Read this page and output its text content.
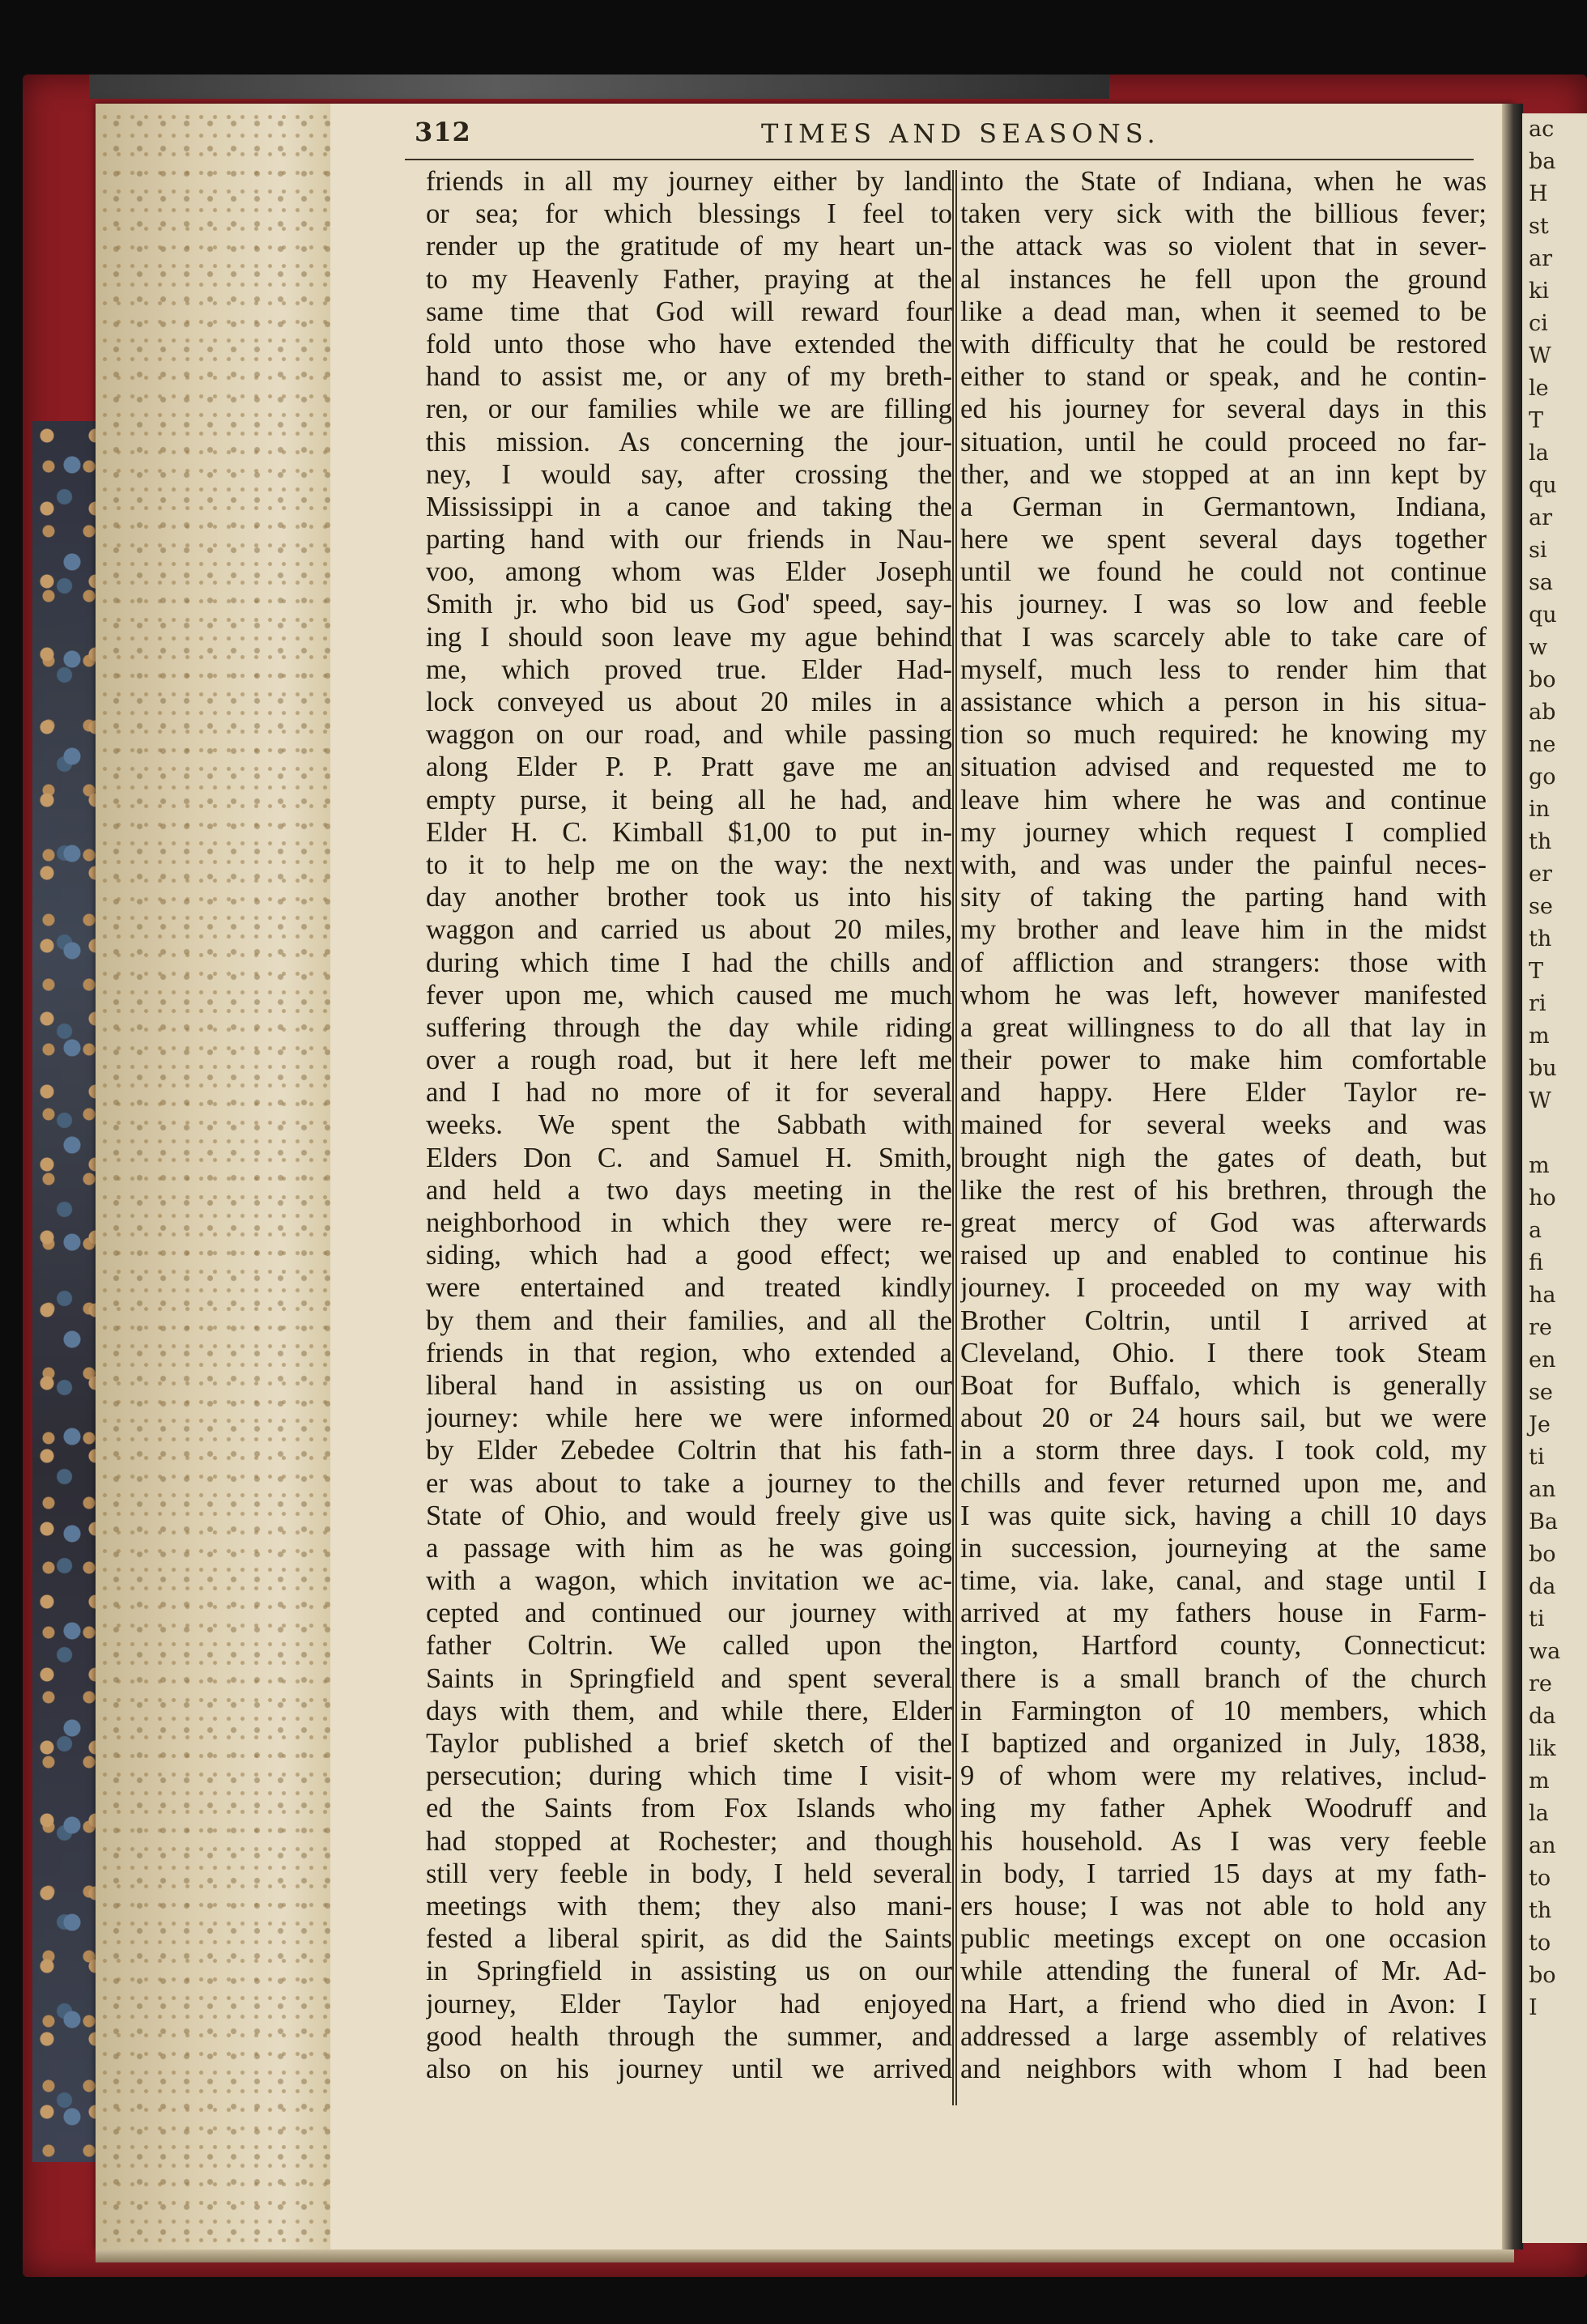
ac
ba
H
st
ar
ki
ci
W
le
T
la
qu
ar
si
sa
qu
w
bo
ab
ne
go
in
th
er
se
th
T
ri
m
bu
W
m
ho
a
fi
ha
re
en
se
Je
ti
an
Ba
bo
da
ti
wa
re
da
lik
m
la
an
to
th
to
bo
I
312	TIMES AND SEASONS.
friends in all my journey either by land
or sea; for which blessings I feel to
render up the gratitude of my heart un-
to my Heavenly Father, praying at the
same time that God will reward four
fold unto those who have extended the
hand to assist me, or any of my breth-
ren, or our families while we are filling
this mission. As concerning the jour-
ney, I would say, after crossing the
Mississippi in a canoe and taking the
parting hand with our friends in Nau-
voo, among whom was Elder Joseph
Smith jr. who bid us God' speed, say-
ing I should soon leave my ague behind
me, which proved true. Elder Had-
lock conveyed us about 20 miles in a
waggon on our road, and while passing
along Elder P. P. Pratt gave me an
empty purse, it being all he had, and
Elder H. C. Kimball $1,00 to put in-
to it to help me on the way: the next
day another brother took us into his
waggon and carried us about 20 miles,
during which time I had the chills and
fever upon me, which caused me much
suffering through the day while riding
over a rough road, but it here left me
and I had no more of it for several
weeks. We spent the Sabbath with
Elders Don C. and Samuel H. Smith,
and held a two days meeting in the
neighborhood in which they were re-
siding, which had a good effect; we
were entertained and treated kindly
by them and their families, and all the
friends in that region, who extended a
liberal hand in assisting us on our
journey: while here we were informed
by Elder Zebedee Coltrin that his fath-
er was about to take a journey to the
State of Ohio, and would freely give us
a passage with him as he was going
with a wagon, which invitation we ac-
cepted and continued our journey with
father Coltrin. We called upon the
Saints in Springfield and spent several
days with them, and while there, Elder
Taylor published a brief sketch of the
persecution; during which time I visit-
ed the Saints from Fox Islands who
had stopped at Rochester; and though
still very feeble in body, I held several
meetings with them; they also mani-
fested a liberal spirit, as did the Saints
in Springfield in assisting us on our
journey, Elder Taylor had enjoyed
good health through the summer, and
also on his journey until we arrived
into the State of Indiana, when he was
taken very sick with the billious fever;
the attack was so violent that in sever-
al instances he fell upon the ground
like a dead man, when it seemed to be
with difficulty that he could be restored
either to stand or speak, and he contin-
ed his journey for several days in this
situation, until he could proceed no far-
ther, and we stopped at an inn kept by
a German in Germantown, Indiana,
here we spent several days together
until we found he could not continue
his journey. I was so low and feeble
that I was scarcely able to take care of
myself, much less to render him that
assistance which a person in his situa-
tion so much required: he knowing my
situation advised and requested me to
leave him where he was and continue
my journey which request I complied
with, and was under the painful neces-
sity of taking the parting hand with
my brother and leave him in the midst
of affliction and strangers: those with
whom he was left, however manifested
a great willingness to do all that lay in
their power to make him comfortable
and happy. Here Elder Taylor re-
mained for several weeks and was
brought nigh the gates of death, but
like the rest of his brethren, through the
great mercy of God was afterwards
raised up and enabled to continue his
journey. I proceeded on my way with
Brother Coltrin, until I arrived at
Cleveland, Ohio. I there took Steam
Boat for Buffalo, which is generally
about 20 or 24 hours sail, but we were
in a storm three days. I took cold, my
chills and fever returned upon me, and
I was quite sick, having a chill 10 days
in succession, journeying at the same
time, via. lake, canal, and stage until I
arrived at my fathers house in Farm-
ington, Hartford county, Connecticut:
there is a small branch of the church
in Farmington of 10 members, which
I baptized and organized in July, 1838,
9 of whom were my relatives, includ-
ing my father Aphek Woodruff and
his household. As I was very feeble
in body, I tarried 15 days at my fath-
ers house; I was not able to hold any
public meetings except on one occasion
while attending the funeral of Mr. Ad-
na Hart, a friend who died in Avon: I
addressed a large assembly of relatives
and neighbors with whom I had been
